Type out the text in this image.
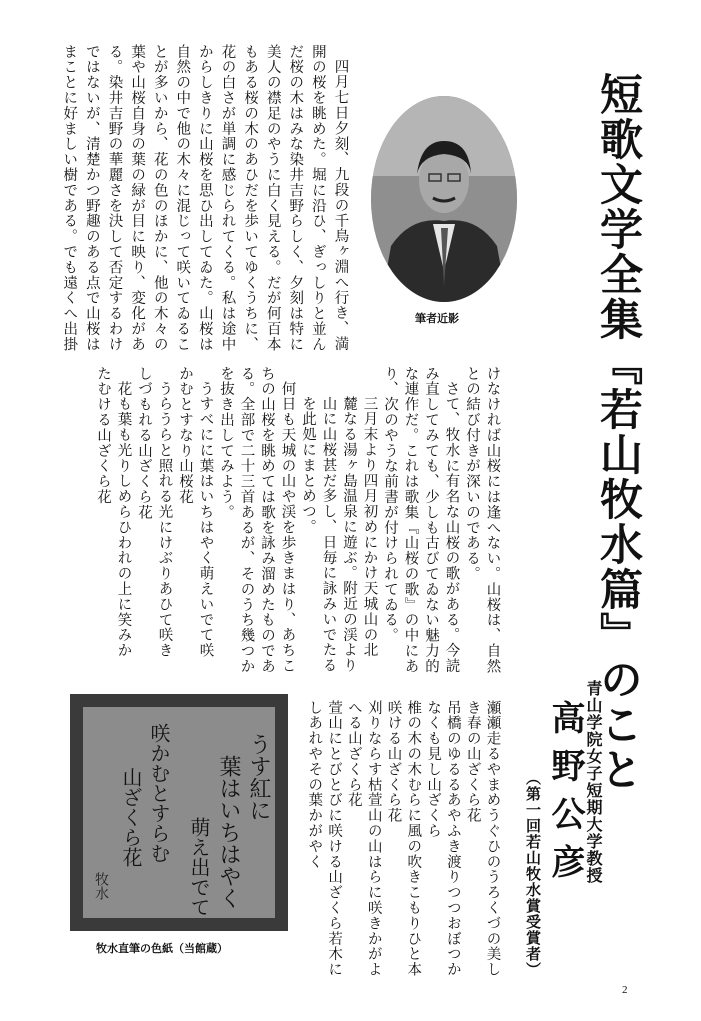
短歌文学全集『若山牧水篇』のこと
青山学院女子短期大学教授
高野公彦
（第一回若山牧水賞受賞者）
筆者近影
四月七日夕刻、九段の千鳥ヶ淵へ行き、満
開の桜を眺めた。堀に沿ひ、ぎっしりと並ん
だ桜の木はみな染井吉野らしく、夕刻は特に
美人の襟足のやうに白く見える。だが何百本
もある桜の木のあひだを歩いてゆくうちに、
花の白さが単調に感じられてくる。私は途中
からしきりに山桜を思ひ出してゐた。山桜は
自然の中で他の木々に混じって咲いてゐるこ
とが多いから、花の色のほかに、他の木々の
葉や山桜自身の葉の緑が目に映り、変化があ
る。染井吉野の華麗さを決して否定するわけ
ではないが、清楚かつ野趣のある点で山桜は
まことに好ましい樹である。でも遠くへ出掛
けなければ山桜には逢へない。山桜は、自然
との結び付きが深いのである。
さて、牧水に有名な山桜の歌がある。今読
み直してみても、少しも古びてゐない魅力的
な連作だ。これは歌集『山桜の歌』の中にあ
り、次のやうな前書が付けられてゐる。
三月末より四月初めにかけ天城山の北
麓なる湯ヶ島温泉に遊ぶ。附近の渓より
山に山桜甚だ多し、日毎に詠みいでたる
を此処にまとめつ。
何日も天城の山や渓を歩きまはり、あちこ
ちの山桜を眺めては歌を詠み溜めたものであ
る。全部で二十三首あるが、そのうち幾つか
を抜き出してみよう。
うすべにに葉はいちはやく萌えいでて咲
かむとすなり山桜花
うらうらと照れる光にけぶりあひて咲き
しづもれる山ざくら花
花も葉も光りしめらひわれの上に笑みか
たむける山ざくら花
瀬瀬走るやまめうぐひのうろくづの美し
き春の山ざくら花
吊橋のゆるるあやふき渡りつつおぼつか
なくも見し山ざくら
椎の木の木むらに風の吹きこもりひと本
咲ける山ざくら花
刈りならす枯萱山の山はらに咲きかがよ
へる山ざくら花
萱山にとびとびに咲ける山ざくら若木に
しあれやその葉かがやく
うす紅に
葉はいちはやく
萌え出でて
咲かむとすらむ
山ざくら花
牧水
牧水直筆の色紙（当館蔵）
2
